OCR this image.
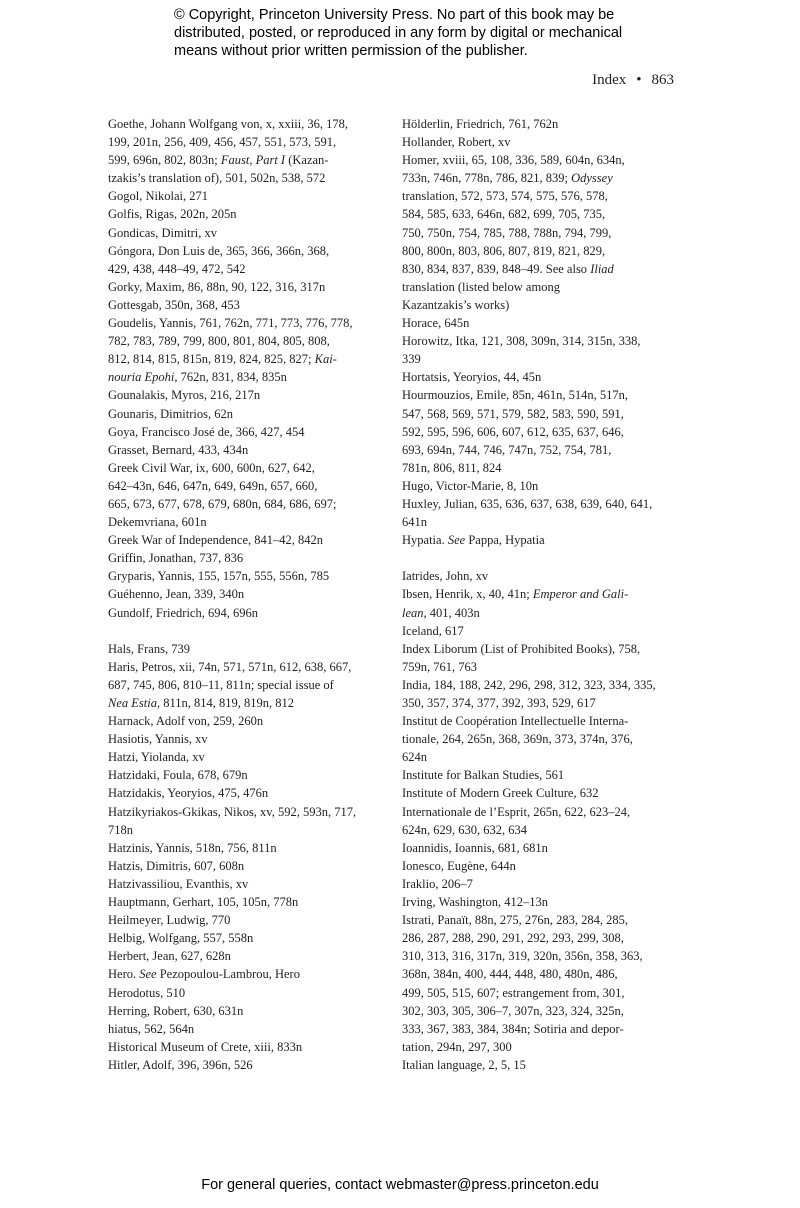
© Copyright, Princeton University Press. No part of this book may be
distributed, posted, or reproduced in any form by digital or mechanical
means without prior written permission of the publisher.
Index • 863
Goethe, Johann Wolfgang von, x, xxiii, 36, 178,
199, 201n, 256, 409, 456, 457, 551, 573, 591,
599, 696n, 802, 803n; Faust, Part I (Kazan-
tzakis’s translation of), 501, 502n, 538, 572
Gogol, Nikolai, 271
Golfis, Rigas, 202n, 205n
Gondicas, Dimitri, xv
Góngora, Don Luis de, 365, 366, 366n, 368,
429, 438, 448–49, 472, 542
Gorky, Maxim, 86, 88n, 90, 122, 316, 317n
Gottesgab, 350n, 368, 453
Goudelis, Yannis, 761, 762n, 771, 773, 776, 778,
782, 783, 789, 799, 800, 801, 804, 805, 808,
812, 814, 815, 815n, 819, 824, 825, 827; Kai-
nouria Epohi, 762n, 831, 834, 835n
Gounalakis, Myros, 216, 217n
Gounaris, Dimitrios, 62n
Goya, Francisco José de, 366, 427, 454
Grasset, Bernard, 433, 434n
Greek Civil War, ix, 600, 600n, 627, 642,
642–43n, 646, 647n, 649, 649n, 657, 660,
665, 673, 677, 678, 679, 680n, 684, 686, 697;
Dekemvriana, 601n
Greek War of Independence, 841–42, 842n
Griffin, Jonathan, 737, 836
Gryparis, Yannis, 155, 157n, 555, 556n, 785
Guéhenno, Jean, 339, 340n
Gundolf, Friedrich, 694, 696n
Hals, Frans, 739
Haris, Petros, xii, 74n, 571, 571n, 612, 638, 667,
687, 745, 806, 810–11, 811n; special issue of
Nea Estia, 811n, 814, 819, 819n, 812
Harnack, Adolf von, 259, 260n
Hasiotis, Yannis, xv
Hatzi, Yiolanda, xv
Hatzidaki, Foula, 678, 679n
Hatzidakis, Yeoryios, 475, 476n
Hatzikyriakos-Gkikas, Nikos, xv, 592, 593n, 717,
718n
Hatzinis, Yannis, 518n, 756, 811n
Hatzis, Dimitris, 607, 608n
Hatzivassiliou, Evanthis, xv
Hauptmann, Gerhart, 105, 105n, 778n
Heilmeyer, Ludwig, 770
Helbig, Wolfgang, 557, 558n
Herbert, Jean, 627, 628n
Hero. See Pezopoulou-Lambrou, Hero
Herodotus, 510
Herring, Robert, 630, 631n
hiatus, 562, 564n
Historical Museum of Crete, xiii, 833n
Hitler, Adolf, 396, 396n, 526
Hölderlin, Friedrich, 761, 762n
Hollander, Robert, xv
Homer, xviii, 65, 108, 336, 589, 604n, 634n,
733n, 746n, 778n, 786, 821, 839; Odyssey
translation, 572, 573, 574, 575, 576, 578,
584, 585, 633, 646n, 682, 699, 705, 735,
750, 750n, 754, 785, 788, 788n, 794, 799,
800, 800n, 803, 806, 807, 819, 821, 829,
830, 834, 837, 839, 848–49. See also Iliad
translation (listed below among
Kazantzakis’s works)
Horace, 645n
Horowitz, Itka, 121, 308, 309n, 314, 315n, 338,
339
Hortatsis, Yeoryios, 44, 45n
Hourmouzios, Emile, 85n, 461n, 514n, 517n,
547, 568, 569, 571, 579, 582, 583, 590, 591,
592, 595, 596, 606, 607, 612, 635, 637, 646,
693, 694n, 744, 746, 747n, 752, 754, 781,
781n, 806, 811, 824
Hugo, Victor-Marie, 8, 10n
Huxley, Julian, 635, 636, 637, 638, 639, 640, 641,
641n
Hypatia. See Pappa, Hypatia
Iatrides, John, xv
Ibsen, Henrik, x, 40, 41n; Emperor and Gali-
lean, 401, 403n
Iceland, 617
Index Liborum (List of Prohibited Books), 758,
759n, 761, 763
India, 184, 188, 242, 296, 298, 312, 323, 334, 335,
350, 357, 374, 377, 392, 393, 529, 617
Institut de Coopération Intellectuelle Interna-
tionale, 264, 265n, 368, 369n, 373, 374n, 376,
624n
Institute for Balkan Studies, 561
Institute of Modern Greek Culture, 632
Internationale de l’Esprit, 265n, 622, 623–24,
624n, 629, 630, 632, 634
Ioannidis, Ioannis, 681, 681n
Ionesco, Eugène, 644n
Iraklio, 206–7
Irving, Washington, 412–13n
Istrati, Panaït, 88n, 275, 276n, 283, 284, 285,
286, 287, 288, 290, 291, 292, 293, 299, 308,
310, 313, 316, 317n, 319, 320n, 356n, 358, 363,
368n, 384n, 400, 444, 448, 480, 480n, 486,
499, 505, 515, 607; estrangement from, 301,
302, 303, 305, 306–7, 307n, 323, 324, 325n,
333, 367, 383, 384, 384n; Sotiria and depor-
tation, 294n, 297, 300
Italian language, 2, 5, 15
For general queries, contact webmaster@press.princeton.edu
